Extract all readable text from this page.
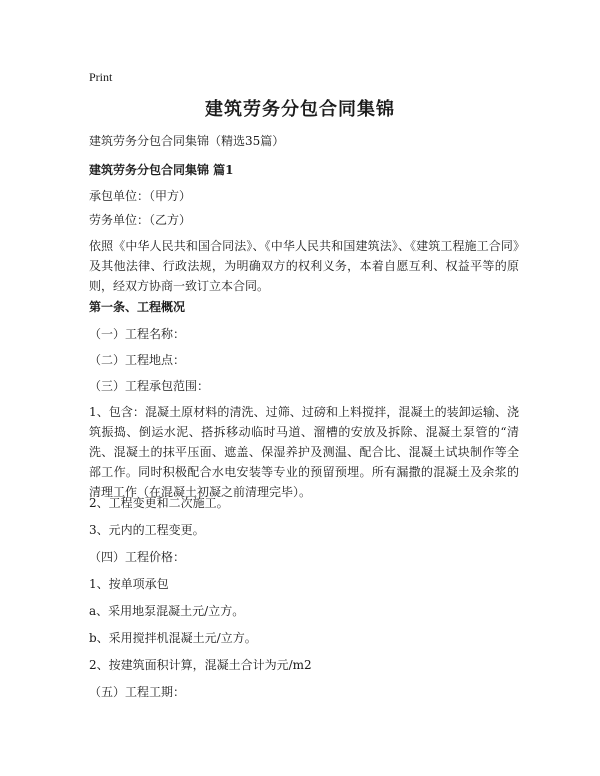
Print
建筑劳务分包合同集锦

建筑劳务分包合同集锦（精选35篇）

建筑劳务分包合同集锦 篇1

承包单位：（甲方）

劳务单位：（乙方）

依照《中华人民共和国合同法》、《中华人民共和国建筑法》、《建筑工程施工合同》及其他法律、行政法规，为明确双方的权利义务，本着自愿互利、权益平等的原则，经双方协商一致订立本合同。

第一条、工程概况

（一）工程名称：

（二）工程地点：

（三）工程承包范围：

1、包含：混凝土原材料的清洗、过筛、过磅和上料搅拌，混凝土的装卸运输、浇筑振捣、倒运水泥、搭拆移动临时马道、溜槽的安放及拆除、混凝土泵管的“清洗、混凝土的抹平压面、遮盖、保湿养护及测温、配合比、混凝土试块制作等全部工作。同时积极配合水电安装等专业的预留预埋。所有漏撒的混凝土及余浆的清理工作（在混凝土初凝之前清理完毕）。

2、工程变更和二次施工。

3、元内的工程变更。

（四）工程价格：

1、按单项承包

a、采用地泵混凝土元/立方。

b、采用搅拌机混凝土元/立方。

2、按建筑面积计算，混凝土合计为元/m2

（五）工程工期：
